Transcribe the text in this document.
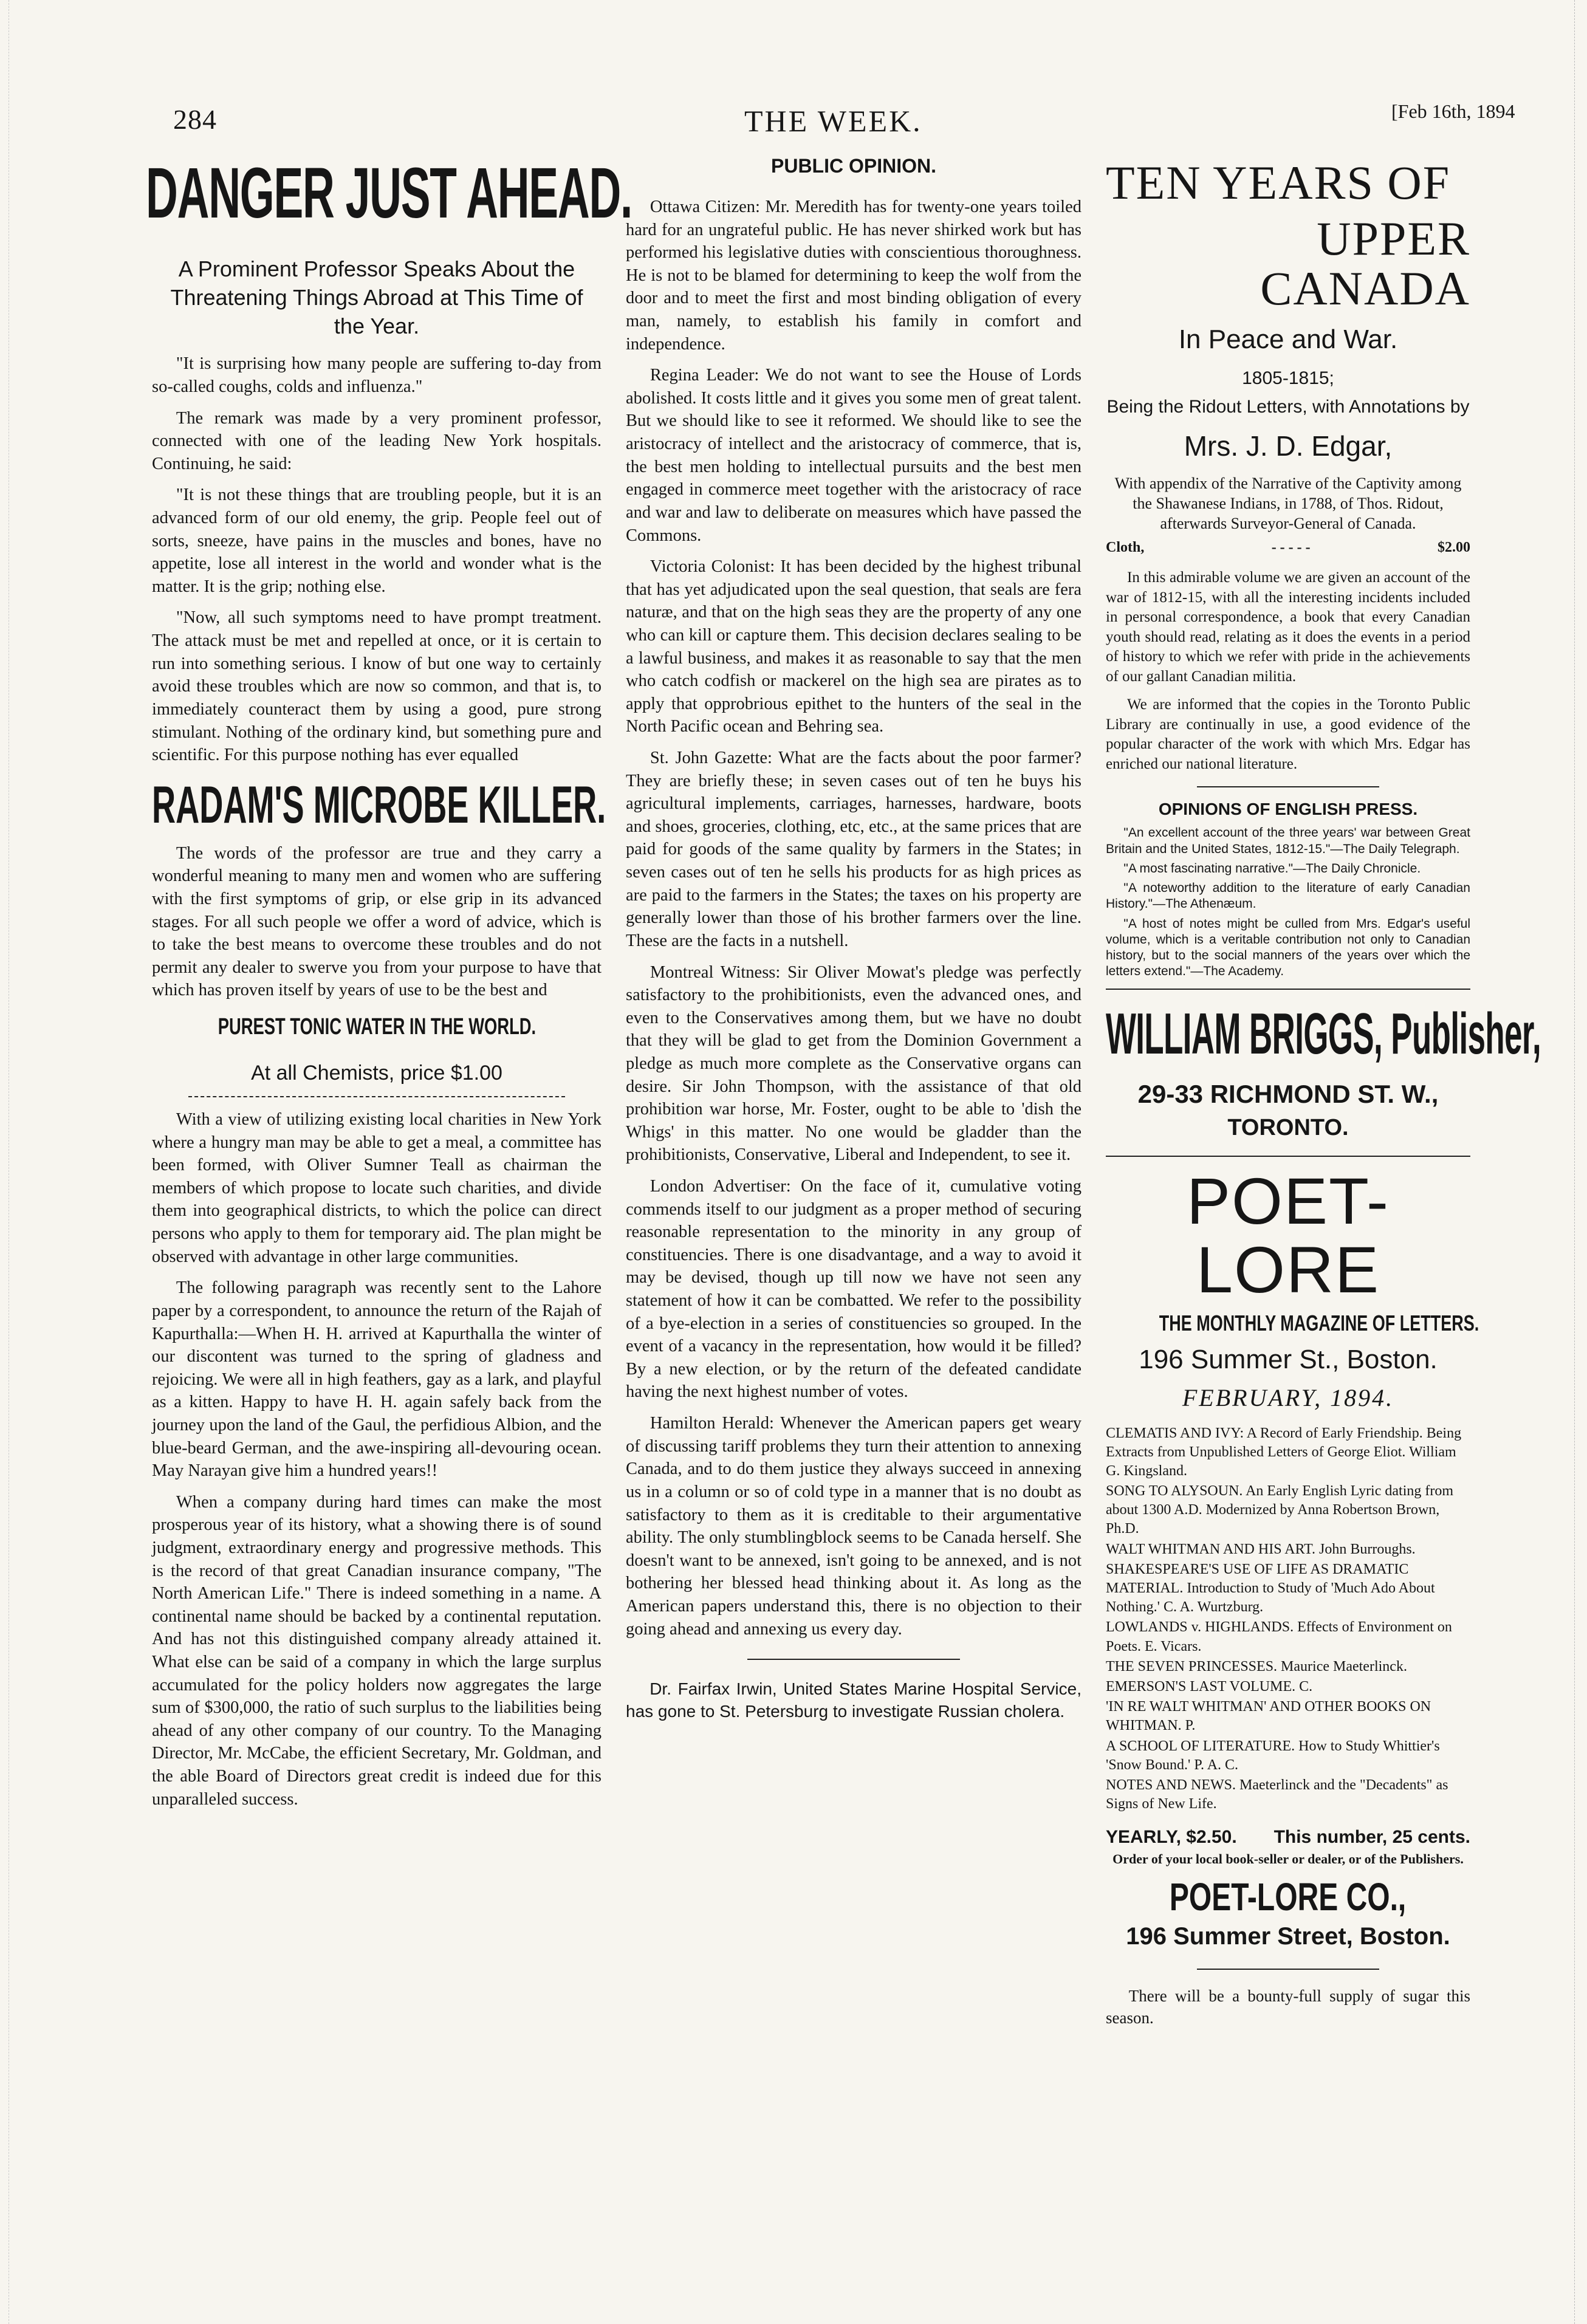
284	THE WEEK.	[Feb 16th, 1894
DANGER JUST AHEAD.
A Prominent Professor Speaks About the Threatening Things Abroad at This Time of the Year.

"It is surprising how many people are suffering to-day from so-called coughs, colds and influenza."

The remark was made by a very prominent professor, connected with one of the leading New York hospitals. Continuing, he said:

"It is not these things that are troubling people, but it is an advanced form of our old enemy, the grip. People feel out of sorts, sneeze, have pains in the muscles and bones, have no appetite, lose all interest in the world and wonder what is the matter. It is the grip; nothing else.

"Now, all such symptoms need to have prompt treatment. The attack must be met and repelled at once, or it is certain to run into something serious. I know of but one way to certainly avoid these troubles which are now so common, and that is, to immediately counteract them by using a good, pure strong stimulant. Nothing of the ordinary kind, but something pure and scientific. For this purpose nothing has ever equalled

RADAM'S MICROBE KILLER.

The words of the professor are true and they carry a wonderful meaning to many men and women who are suffering with the first symptoms of grip, or else grip in its advanced stages. For all such people we offer a word of advice, which is to take the best means to overcome these troubles and do not permit any dealer to swerve you from your purpose to have that which has proven itself by years of use to be the best and

PUREST TONIC WATER IN THE WORLD.
At all Chemists, price $1.00

With a view of utilizing existing local charities in New York where a hungry man may be able to get a meal, a committee has been formed, with Oliver Sumner Teall as chairman the members of which propose to locate such charities, and divide them into geographical districts, to which the police can direct persons who apply to them for temporary aid. The plan might be observed with advantage in other large communities.

The following paragraph was recently sent to the Lahore paper by a correspondent, to announce the return of the Rajah of Kapurthalla:—When H. H. arrived at Kapurthalla the winter of our discontent was turned to the spring of gladness and rejoicing. We were all in high feathers, gay as a lark, and playful as a kitten. Happy to have H. H. again safely back from the journey upon the land of the Gaul, the perfidious Albion, and the blue-beard German, and the awe-inspiring all-devouring ocean. May Narayan give him a hundred years!!

When a company during hard times can make the most prosperous year of its history, what a showing there is of sound judgment, extraordinary energy and progressive methods. This is the record of that great Canadian insurance company, "The North American Life." There is indeed something in a name. A continental name should be backed by a continental reputation. And has not this distinguished company already attained it. What else can be said of a company in which the large surplus accumulated for the policy holders now aggregates the large sum of $300,000, the ratio of such surplus to the liabilities being ahead of any other company of our country. To the Managing Director, Mr. McCabe, the efficient Secretary, Mr. Goldman, and the able Board of Directors great credit is indeed due for this unparalleled success.

PUBLIC OPINION.

Ottawa Citizen: Mr. Meredith has for twenty-one years toiled hard for an ungrateful public. He has never shirked work but has performed his legislative duties with conscientious thoroughness. He is not to be blamed for determining to keep the wolf from the door and to meet the first and most binding obligation of every man, namely, to establish his family in comfort and independence.

Regina Leader: We do not want to see the House of Lords abolished. It costs little and it gives you some men of great talent. But we should like to see it reformed. We should like to see the aristocracy of intellect and the aristocracy of commerce, that is, the best men holding to intellectual pursuits and the best men engaged in commerce meet together with the aristocracy of race and war and law to deliberate on measures which have passed the Commons.

Victoria Colonist: It has been decided by the highest tribunal that has yet adjudicated upon the seal question, that seals are fera naturæ, and that on the high seas they are the property of any one who can kill or capture them. This decision declares sealing to be a lawful business, and makes it as reasonable to say that the men who catch codfish or mackerel on the high sea are pirates as to apply that opprobrious epithet to the hunters of the seal in the North Pacific ocean and Behring sea.

St. John Gazette: What are the facts about the poor farmer? They are briefly these; in seven cases out of ten he buys his agricultural implements, carriages, harnesses, hardware, boots and shoes, groceries, clothing, etc, etc., at the same prices that are paid for goods of the same quality by farmers in the States; in seven cases out of ten he sells his products for as high prices as are paid to the farmers in the States; the taxes on his property are generally lower than those of his brother farmers over the line. These are the facts in a nutshell.

Montreal Witness: Sir Oliver Mowat's pledge was perfectly satisfactory to the prohibitionists, even the advanced ones, and even to the Conservatives among them, but we have no doubt that they will be glad to get from the Dominion Government a pledge as much more complete as the Conservative organs can desire. Sir John Thompson, with the assistance of that old prohibition war horse, Mr. Foster, ought to be able to 'dish the Whigs' in this matter. No one would be gladder than the prohibitionists, Conservative, Liberal and Independent, to see it.

London Advertiser: On the face of it, cumulative voting commends itself to our judgment as a proper method of securing reasonable representation to the minority in any group of constituencies. There is one disadvantage, and a way to avoid it may be devised, though up till now we have not seen any statement of how it can be combatted. We refer to the possibility of a bye-election in a series of constituencies so grouped. In the event of a vacancy in the representation, how would it be filled? By a new election, or by the return of the defeated candidate having the next highest number of votes.

Hamilton Herald: Whenever the American papers get weary of discussing tariff problems they turn their attention to annexing Canada, and to do them justice they always succeed in annexing us in a column or so of cold type in a manner that is no doubt as satisfactory to them as it is creditable to their argumentative ability. The only stumblingblock seems to be Canada herself. She doesn't want to be annexed, isn't going to be annexed, and is not bothering her blessed head thinking about it. As long as the American papers understand this, there is no objection to their going ahead and annexing us every day.

Dr. Fairfax Irwin, United States Marine Hospital Service, has gone to St. Petersburg to investigate Russian cholera.

TEN YEARS OF
UPPER CANADA
In Peace and War.
1805-1815;
Being the Ridout Letters, with Annotations by
Mrs. J. D. Edgar,
With appendix of the Narrative of the Captivity among the Shawanese Indians, in 1788, of Thos. Ridout, afterwards Surveyor-General of Canada.
Cloth,	- - - - -	$2.00

In this admirable volume we are given an account of the war of 1812-15, with all the interesting incidents included in personal correspondence, a book that every Canadian youth should read, relating as it does the events in a period of history to which we refer with pride in the achievements of our gallant Canadian militia.

We are informed that the copies in the Toronto Public Library are continually in use, a good evidence of the popular character of the work with which Mrs. Edgar has enriched our national literature.

OPINIONS OF ENGLISH PRESS.

"An excellent account of the three years' war between Great Britain and the United States, 1812-15."—The Daily Telegraph.

"A most fascinating narrative."—The Daily Chronicle.

"A noteworthy addition to the literature of early Canadian History."—The Athenæum.

"A host of notes might be culled from Mrs. Edgar's useful volume, which is a veritable contribution not only to Canadian history, but to the social manners of the years over which the letters extend."—The Academy.

WILLIAM BRIGGS, Publisher,
29-33 RICHMOND ST. W.,
TORONTO.
POET-LORE
THE MONTHLY MAGAZINE OF LETTERS.
196 Summer St., Boston.
FEBRUARY, 1894.

CLEMATIS AND IVY: A Record of Early Friendship. Being Extracts from Unpublished Letters of George Eliot. William G. Kingsland.

SONG TO ALYSOUN. An Early English Lyric dating from about 1300 A.D. Modernized by Anna Robertson Brown, Ph.D.

WALT WHITMAN AND HIS ART. John Burroughs.

SHAKESPEARE'S USE OF LIFE AS DRAMATIC MATERIAL. Introduction to Study of 'Much Ado About Nothing.' C. A. Wurtzburg.

LOWLANDS v. HIGHLANDS. Effects of Environment on Poets. E. Vicars.

THE SEVEN PRINCESSES. Maurice Maeterlinck.

EMERSON'S LAST VOLUME. C.

'IN RE WALT WHITMAN' AND OTHER BOOKS ON WHITMAN. P.

A SCHOOL OF LITERATURE. How to Study Whittier's 'Snow Bound.' P. A. C.

NOTES AND NEWS. Maeterlinck and the "Decadents" as Signs of New Life.

YEARLY, $2.50. This number, 25 cents.
Order of your local book-seller or dealer, or of the Publishers.
POET-LORE CO.,
196 Summer Street, Boston.

There will be a bounty-full supply of sugar this season.
